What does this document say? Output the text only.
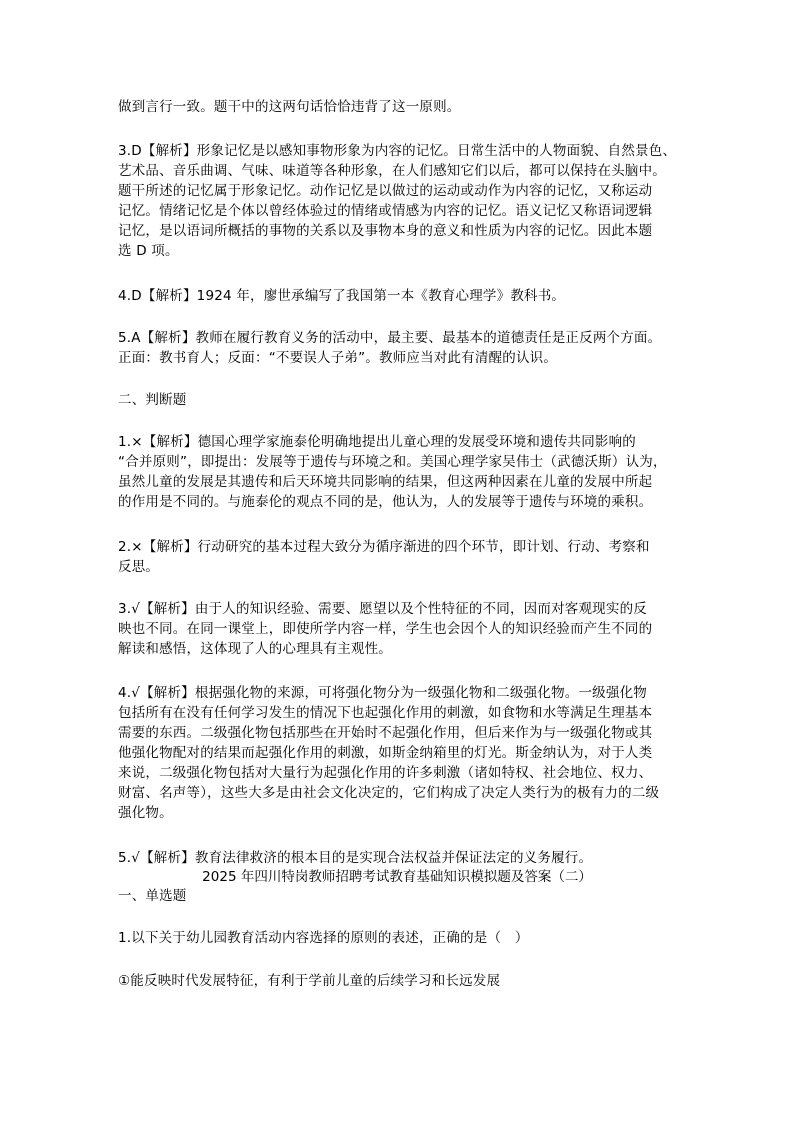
做到言行一致。题干中的这两句话恰恰违背了这一原则。
3.D【解析】形象记忆是以感知事物形象为内容的记忆。日常生活中的人物面貌、自然景色、
艺术品、音乐曲调、气味、味道等各种形象，在人们感知它们以后，都可以保持在头脑中。
题干所述的记忆属于形象记忆。动作记忆是以做过的运动或动作为内容的记忆，又称运动
记忆。情绪记忆是个体以曾经体验过的情绪或情感为内容的记忆。语义记忆又称语词逻辑
记忆，是以语词所概括的事物的关系以及事物本身的意义和性质为内容的记忆。因此本题
选 D 项。
4.D【解析】1924 年，廖世承编写了我国第一本《教育心理学》教科书。
5.A【解析】教师在履行教育义务的活动中，最主要、最基本的道德责任是正反两个方面。
正面：教书育人；反面：“不要误人子弟”。教师应当对此有清醒的认识。
二、判断题
1.×【解析】德国心理学家施泰伦明确地提出儿童心理的发展受环境和遗传共同影响的
“合并原则”，即提出：发展等于遗传与环境之和。美国心理学家吴伟士（武德沃斯）认为，
虽然儿童的发展是其遗传和后天环境共同影响的结果，但这两种因素在儿童的发展中所起
的作用是不同的。与施泰伦的观点不同的是，他认为，人的发展等于遗传与环境的乘积。
2.×【解析】行动研究的基本过程大致分为循序渐进的四个环节，即计划、行动、考察和
反思。
3.√【解析】由于人的知识经验、需要、愿望以及个性特征的不同，因而对客观现实的反
映也不同。在同一课堂上，即使所学内容一样，学生也会因个人的知识经验而产生不同的
解读和感悟，这体现了人的心理具有主观性。
4.√【解析】根据强化物的来源，可将强化物分为一级强化物和二级强化物。一级强化物
包括所有在没有任何学习发生的情况下也起强化作用的刺激，如食物和水等满足生理基本
需要的东西。二级强化物包括那些在开始时不起强化作用，但后来作为与一级强化物或其
他强化物配对的结果而起强化作用的刺激，如斯金纳箱里的灯光。斯金纳认为，对于人类
来说，二级强化物包括对大量行为起强化作用的许多刺激（诸如特权、社会地位、权力、
财富、名声等），这些大多是由社会文化决定的，它们构成了决定人类行为的极有力的二级
强化物。
5.√【解析】教育法律救济的根本目的是实现合法权益并保证法定的义务履行。
2025 年四川特岗教师招聘考试教育基础知识模拟题及答案（二）
一、单选题
1.以下关于幼儿园教育活动内容选择的原则的表述，正确的是（　）
①能反映时代发展特征，有利于学前儿童的后续学习和长远发展
